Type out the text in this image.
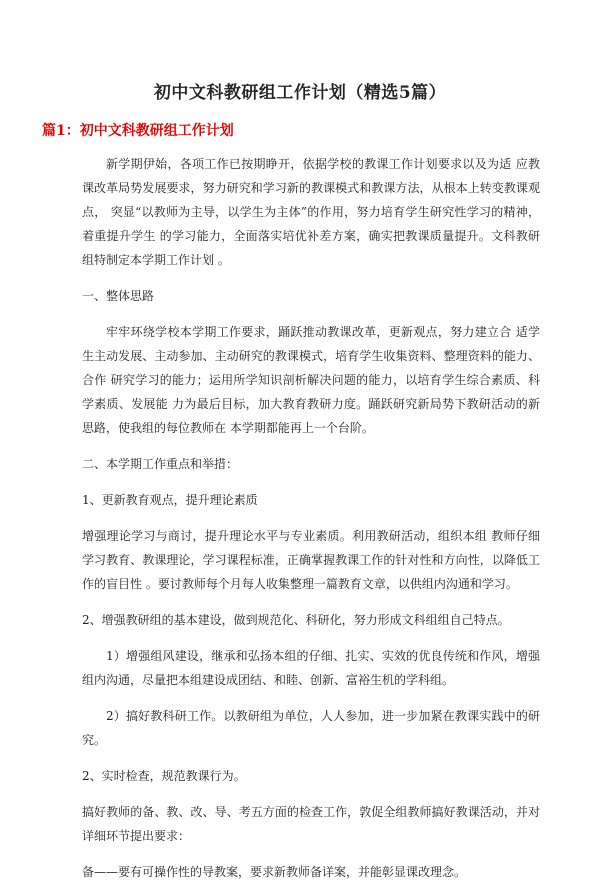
初中文科教研组工作计划（精选5篇）
篇1：初中文科教研组工作计划

新学期伊始，各项工作已按期睁开，依据学校的教课工作计划要求以及为适 应教课改革局势发展要求，努力研究和学习新的教课模式和教课方法，从根本上转变教课观点， 突显“以教师为主导，以学生为主体”的作用，努力培育学生研究性学习的精神，着重提升学生 的学习能力，全面落实培优补差方案，确实把教课质量提升。文科教研组特制定本学期工作计划 。

一、整体思路

牢牢环绕学校本学期工作要求，踊跃推动教课改革，更新观点，努力建立合 适学生主动发展、主动参加、主动研究的教课模式，培育学生收集资料、整理资料的能力、合作 研究学习的能力；运用所学知识剖析解决问题的能力，以培育学生综合素质、科学素质、发展能 力为最后目标，加大教育教研力度。踊跃研究新局势下教研活动的新思路，使我组的每位教师在 本学期都能再上一个台阶。

二、本学期工作重点和举措：

1、更新教育观点，提升理论素质

增强理论学习与商讨，提升理论水平与专业素质。利用教研活动，组织本组 教师仔细学习教育、教课理论，学习课程标准，正确掌握教课工作的针对性和方向性，以降低工 作的盲目性 。要讨教师每个月每人收集整理一篇教育文章，以供组内沟通和学习。

2、增强教研组的基本建设，做到规范化、科研化，努力形成文科组组自己特点。

1）增强组风建设，继承和弘扬本组的仔细、扎实、实效的优良传统和作风，增强组内沟通，尽量把本组建设成团结、和睦、创新、富裕生机的学科组。

2）搞好教科研工作。以教研组为单位，人人参加，进一步加紧在教课实践中的研究。

2、实时检查，规范教课行为。

搞好教师的备、教、改、导、考五方面的检查工作，敦促全组教师搞好教课活动，并对详细环节提出要求：

备——要有可操作性的导教案，要求新教师备详案，并能彰显课改理念。
